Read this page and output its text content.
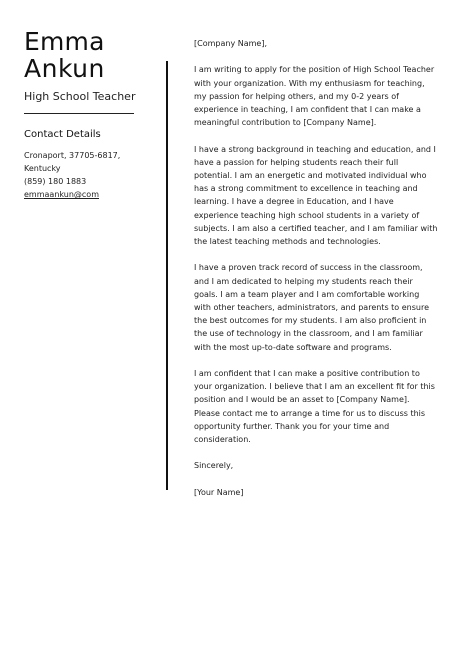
Emma
Ankun
High School Teacher
Contact Details
Cronaport, 37705-6817,
Kentucky
(859) 180 1883
emmaankun@com

[Company Name],

I am writing to apply for the position of High School Teacher with your organization. With my enthusiasm for teaching, my passion for helping others, and my 0-2 years of experience in teaching, I am confident that I can make a meaningful contribution to [Company Name].

I have a strong background in teaching and education, and I have a passion for helping students reach their full potential. I am an energetic and motivated individual who has a strong commitment to excellence in teaching and learning. I have a degree in Education, and I have experience teaching high school students in a variety of subjects. I am also a certified teacher, and I am familiar with the latest teaching methods and technologies.

I have a proven track record of success in the classroom, and I am dedicated to helping my students reach their goals. I am a team player and I am comfortable working with other teachers, administrators, and parents to ensure the best outcomes for my students. I am also proficient in the use of technology in the classroom, and I am familiar with the most up-to-date software and programs.

I am confident that I can make a positive contribution to your organization. I believe that I am an excellent fit for this position and I would be an asset to [Company Name]. Please contact me to arrange a time for us to discuss this opportunity further. Thank you for your time and consideration.

Sincerely,

[Your Name]
